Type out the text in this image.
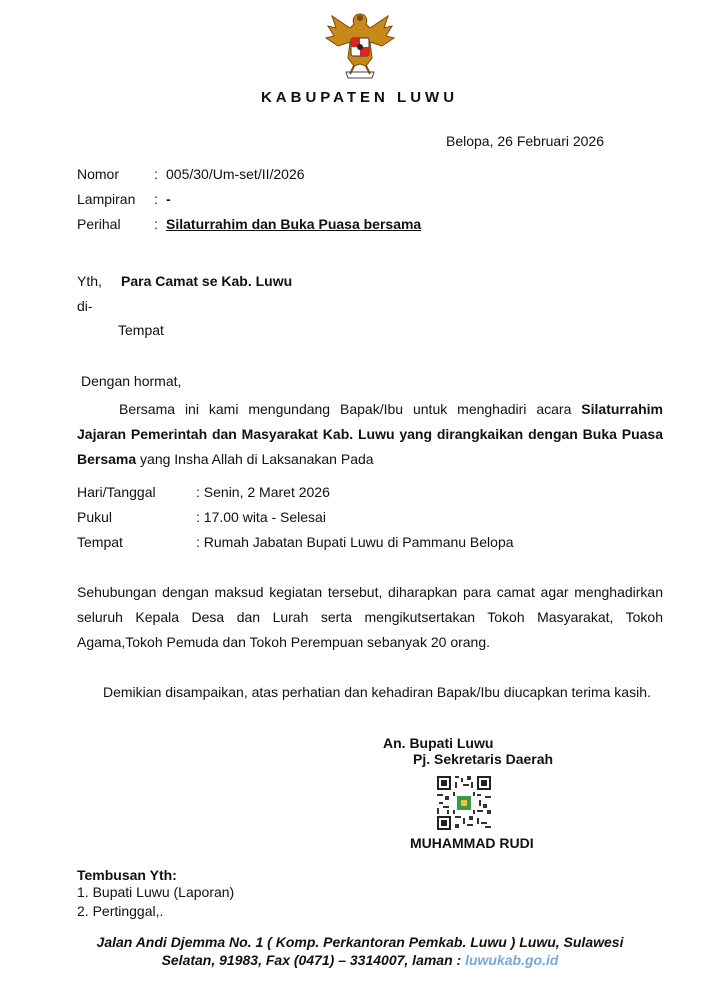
KABUPATEN LUWU
Belopa, 26 Februari 2026
Nomor : 005/30/Um-set/II/2026
Lampiran : -
Perihal : Silaturrahim dan Buka Puasa bersama
Yth, Para Camat se Kab. Luwu
di-
Tempat
Dengan hormat,
Bersama ini kami mengundang Bapak/Ibu untuk menghadiri acara Silaturrahim Jajaran Pemerintah dan Masyarakat Kab. Luwu yang dirangkaikan dengan Buka Puasa Bersama yang Insha Allah di Laksanakan Pada
Hari/Tanggal	: Senin, 2 Maret 2026
Pukul	: 17.00 wita - Selesai
Tempat	: Rumah Jabatan Bupati Luwu di Pammanu Belopa
Sehubungan dengan maksud kegiatan tersebut, diharapkan para camat agar menghadirkan seluruh Kepala Desa dan Lurah serta mengikutsertakan Tokoh Masyarakat, Tokoh Agama,Tokoh Pemuda dan Tokoh Perempuan sebanyak 20 orang.
Demikian disampaikan, atas perhatian dan kehadiran Bapak/Ibu diucapkan terima kasih.
An. Bupati Luwu
Pj. Sekretaris Daerah
MUHAMMAD RUDI
Tembusan Yth:
1. Bupati Luwu (Laporan)
2. Pertinggal,.
Jalan Andi Djemma No. 1 ( Komp. Perkantoran Pemkab. Luwu ) Luwu, Sulawesi
Selatan, 91983, Fax (0471) – 3314007, laman : luwukab.go.id
